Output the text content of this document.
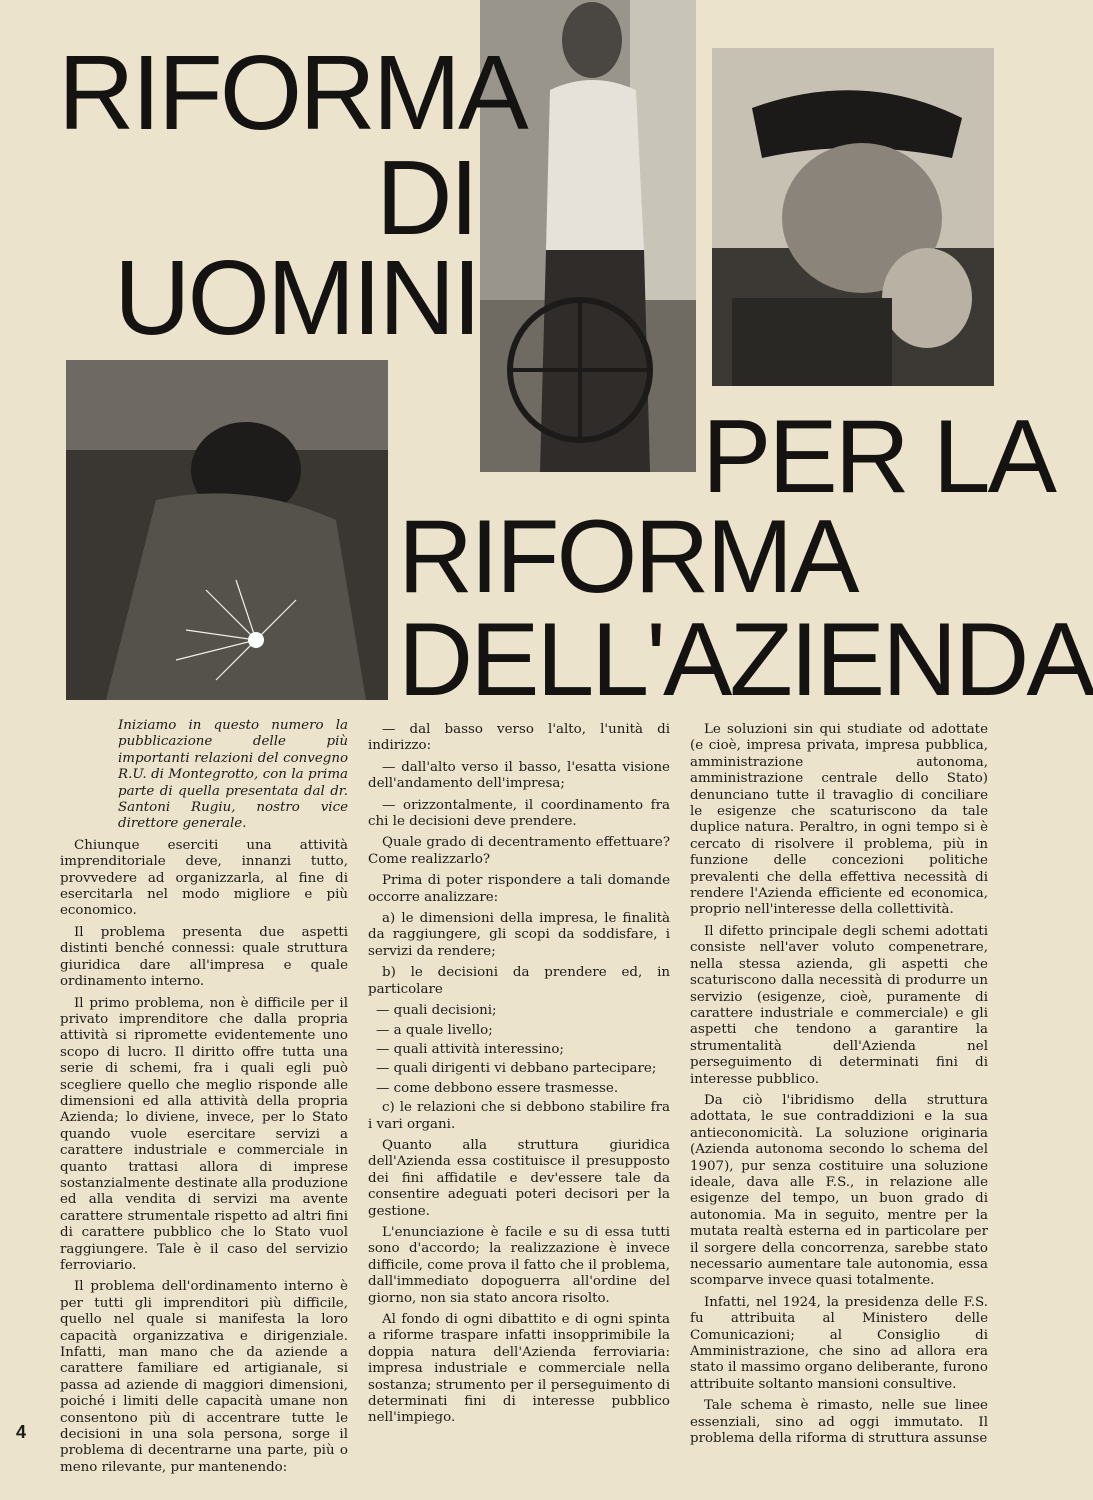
RIFORMA
DI
UOMINI
PER LA
RIFORMA
DELL'AZIENDA

Iniziamo in questo numero la pubblicazione delle più importanti relazioni del convegno R.U. di Montegrotto, con la prima parte di quella presentata dal dr. Santoni Rugiu, nostro vice direttore generale.

Chiunque eserciti una attività imprenditoriale deve, innanzi tutto, provvedere ad organizzarla, al fine di esercitarla nel modo migliore e più economico.

Il problema presenta due aspetti distinti benché connessi: quale struttura giuridica dare all'impresa e quale ordinamento interno.

Il primo problema, non è difficile per il privato imprenditore che dalla propria attività si ripromette evidentemente uno scopo di lucro. Il diritto offre tutta una serie di schemi, fra i quali egli può scegliere quello che meglio risponde alle dimensioni ed alla attività della propria Azienda; lo diviene, invece, per lo Stato quando vuole esercitare servizi a carattere industriale e commerciale in quanto trattasi allora di imprese sostanzialmente destinate alla produzione ed alla vendita di servizi ma avente carattere strumentale rispetto ad altri fini di carattere pubblico che lo Stato vuol raggiungere. Tale è il caso del servizio ferroviario.

Il problema dell'ordinamento interno è per tutti gli imprenditori più difficile, quello nel quale si manifesta la loro capacità organizzativa e dirigenziale. Infatti, man mano che da aziende a carattere familiare ed artigianale, si passa ad aziende di maggiori dimensioni, poiché i limiti delle capacità umane non consentono più di accentrare tutte le decisioni in una sola persona, sorge il problema di decentrarne una parte, più o meno rilevante, pur mantenendo:

— dal basso verso l'alto, l'unità di indirizzo:

— dall'alto verso il basso, l'esatta visione dell'andamento dell'impresa;

— orizzontalmente, il coordinamento fra chi le decisioni deve prendere.

Quale grado di decentramento effettuare? Come realizzarlo?

Prima di poter rispondere a tali domande occorre analizzare:

a) le dimensioni della impresa, le finalità da raggiungere, gli scopi da soddisfare, i servizi da rendere;

b) le decisioni da prendere ed, in particolare

— quali decisioni;

— a quale livello;

— quali attività interessino;

— quali dirigenti vi debbano partecipare;

— come debbono essere trasmesse.

c) le relazioni che si debbono stabilire fra i vari organi.

Quanto alla struttura giuridica dell'Azienda essa costituisce il presupposto dei fini affidatile e dev'essere tale da consentire adeguati poteri decisori per la gestione.

L'enunciazione è facile e su di essa tutti sono d'accordo; la realizzazione è invece difficile, come prova il fatto che il problema, dall'immediato dopoguerra all'ordine del giorno, non sia stato ancora risolto.

Al fondo di ogni dibattito e di ogni spinta a riforme traspare infatti insopprimibile la doppia natura dell'Azienda ferroviaria: impresa industriale e commerciale nella sostanza; strumento per il perseguimento di determinati fini di interesse pubblico nell'impiego.

Le soluzioni sin qui studiate od adottate (e cioè, impresa privata, impresa pubblica, amministrazione autonoma, amministrazione centrale dello Stato) denunciano tutte il travaglio di conciliare le esigenze che scaturiscono da tale duplice natura. Peraltro, in ogni tempo si è cercato di risolvere il problema, più in funzione delle concezioni politiche prevalenti che della effettiva necessità di rendere l'Azienda efficiente ed economica, proprio nell'interesse della collettività.

Il difetto principale degli schemi adottati consiste nell'aver voluto compenetrare, nella stessa azienda, gli aspetti che scaturiscono dalla necessità di produrre un servizio (esigenze, cioè, puramente di carattere industriale e commerciale) e gli aspetti che tendono a garantire la strumentalità dell'Azienda nel perseguimento di determinati fini di interesse pubblico.

Da ciò l'ibridismo della struttura adottata, le sue contraddizioni e la sua antieconomicità. La soluzione originaria (Azienda autonoma secondo lo schema del 1907), pur senza costituire una soluzione ideale, dava alle F.S., in relazione alle esigenze del tempo, un buon grado di autonomia. Ma in seguito, mentre per la mutata realtà esterna ed in particolare per il sorgere della concorrenza, sarebbe stato necessario aumentare tale autonomia, essa scomparve invece quasi totalmente.

Infatti, nel 1924, la presidenza delle F.S. fu attribuita al Ministero delle Comunicazioni; al Consiglio di Amministrazione, che sino ad allora era stato il massimo organo deliberante, furono attribuite soltanto mansioni consultive.

Tale schema è rimasto, nelle sue linee essenziali, sino ad oggi immutato. Il problema della riforma di struttura assunse

4
